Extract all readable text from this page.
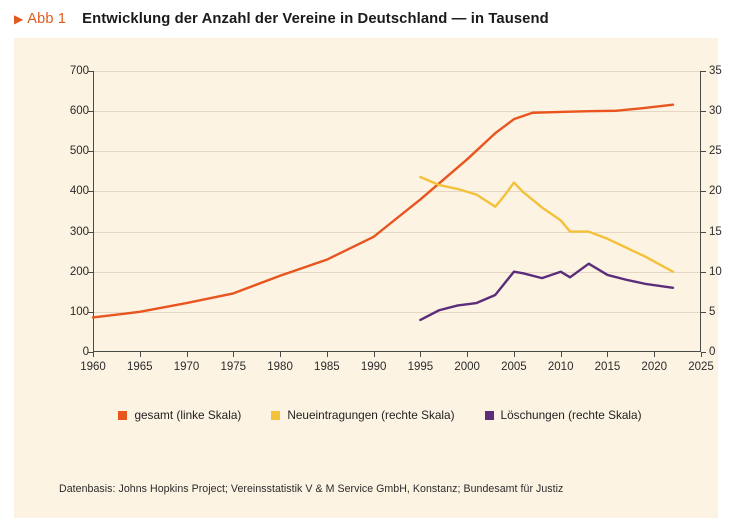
▶ Abb 1 Entwicklung der Anzahl der Vereine in Deutschland — in Tausend
0
100
200
300
400
500
600
700
0
5
10
15
20
25
30
35
1960	1965	1970	1975	1980	1985	1990	1995	2000	2005	2010	2015	2020	2025
gesamt (linke Skala)	Neueintragungen (rechte Skala)	Löschungen (rechte Skala)
Datenbasis: Johns Hopkins Project; Vereinsstatistik V & M Service GmbH, Konstanz; Bundesamt für Justiz
